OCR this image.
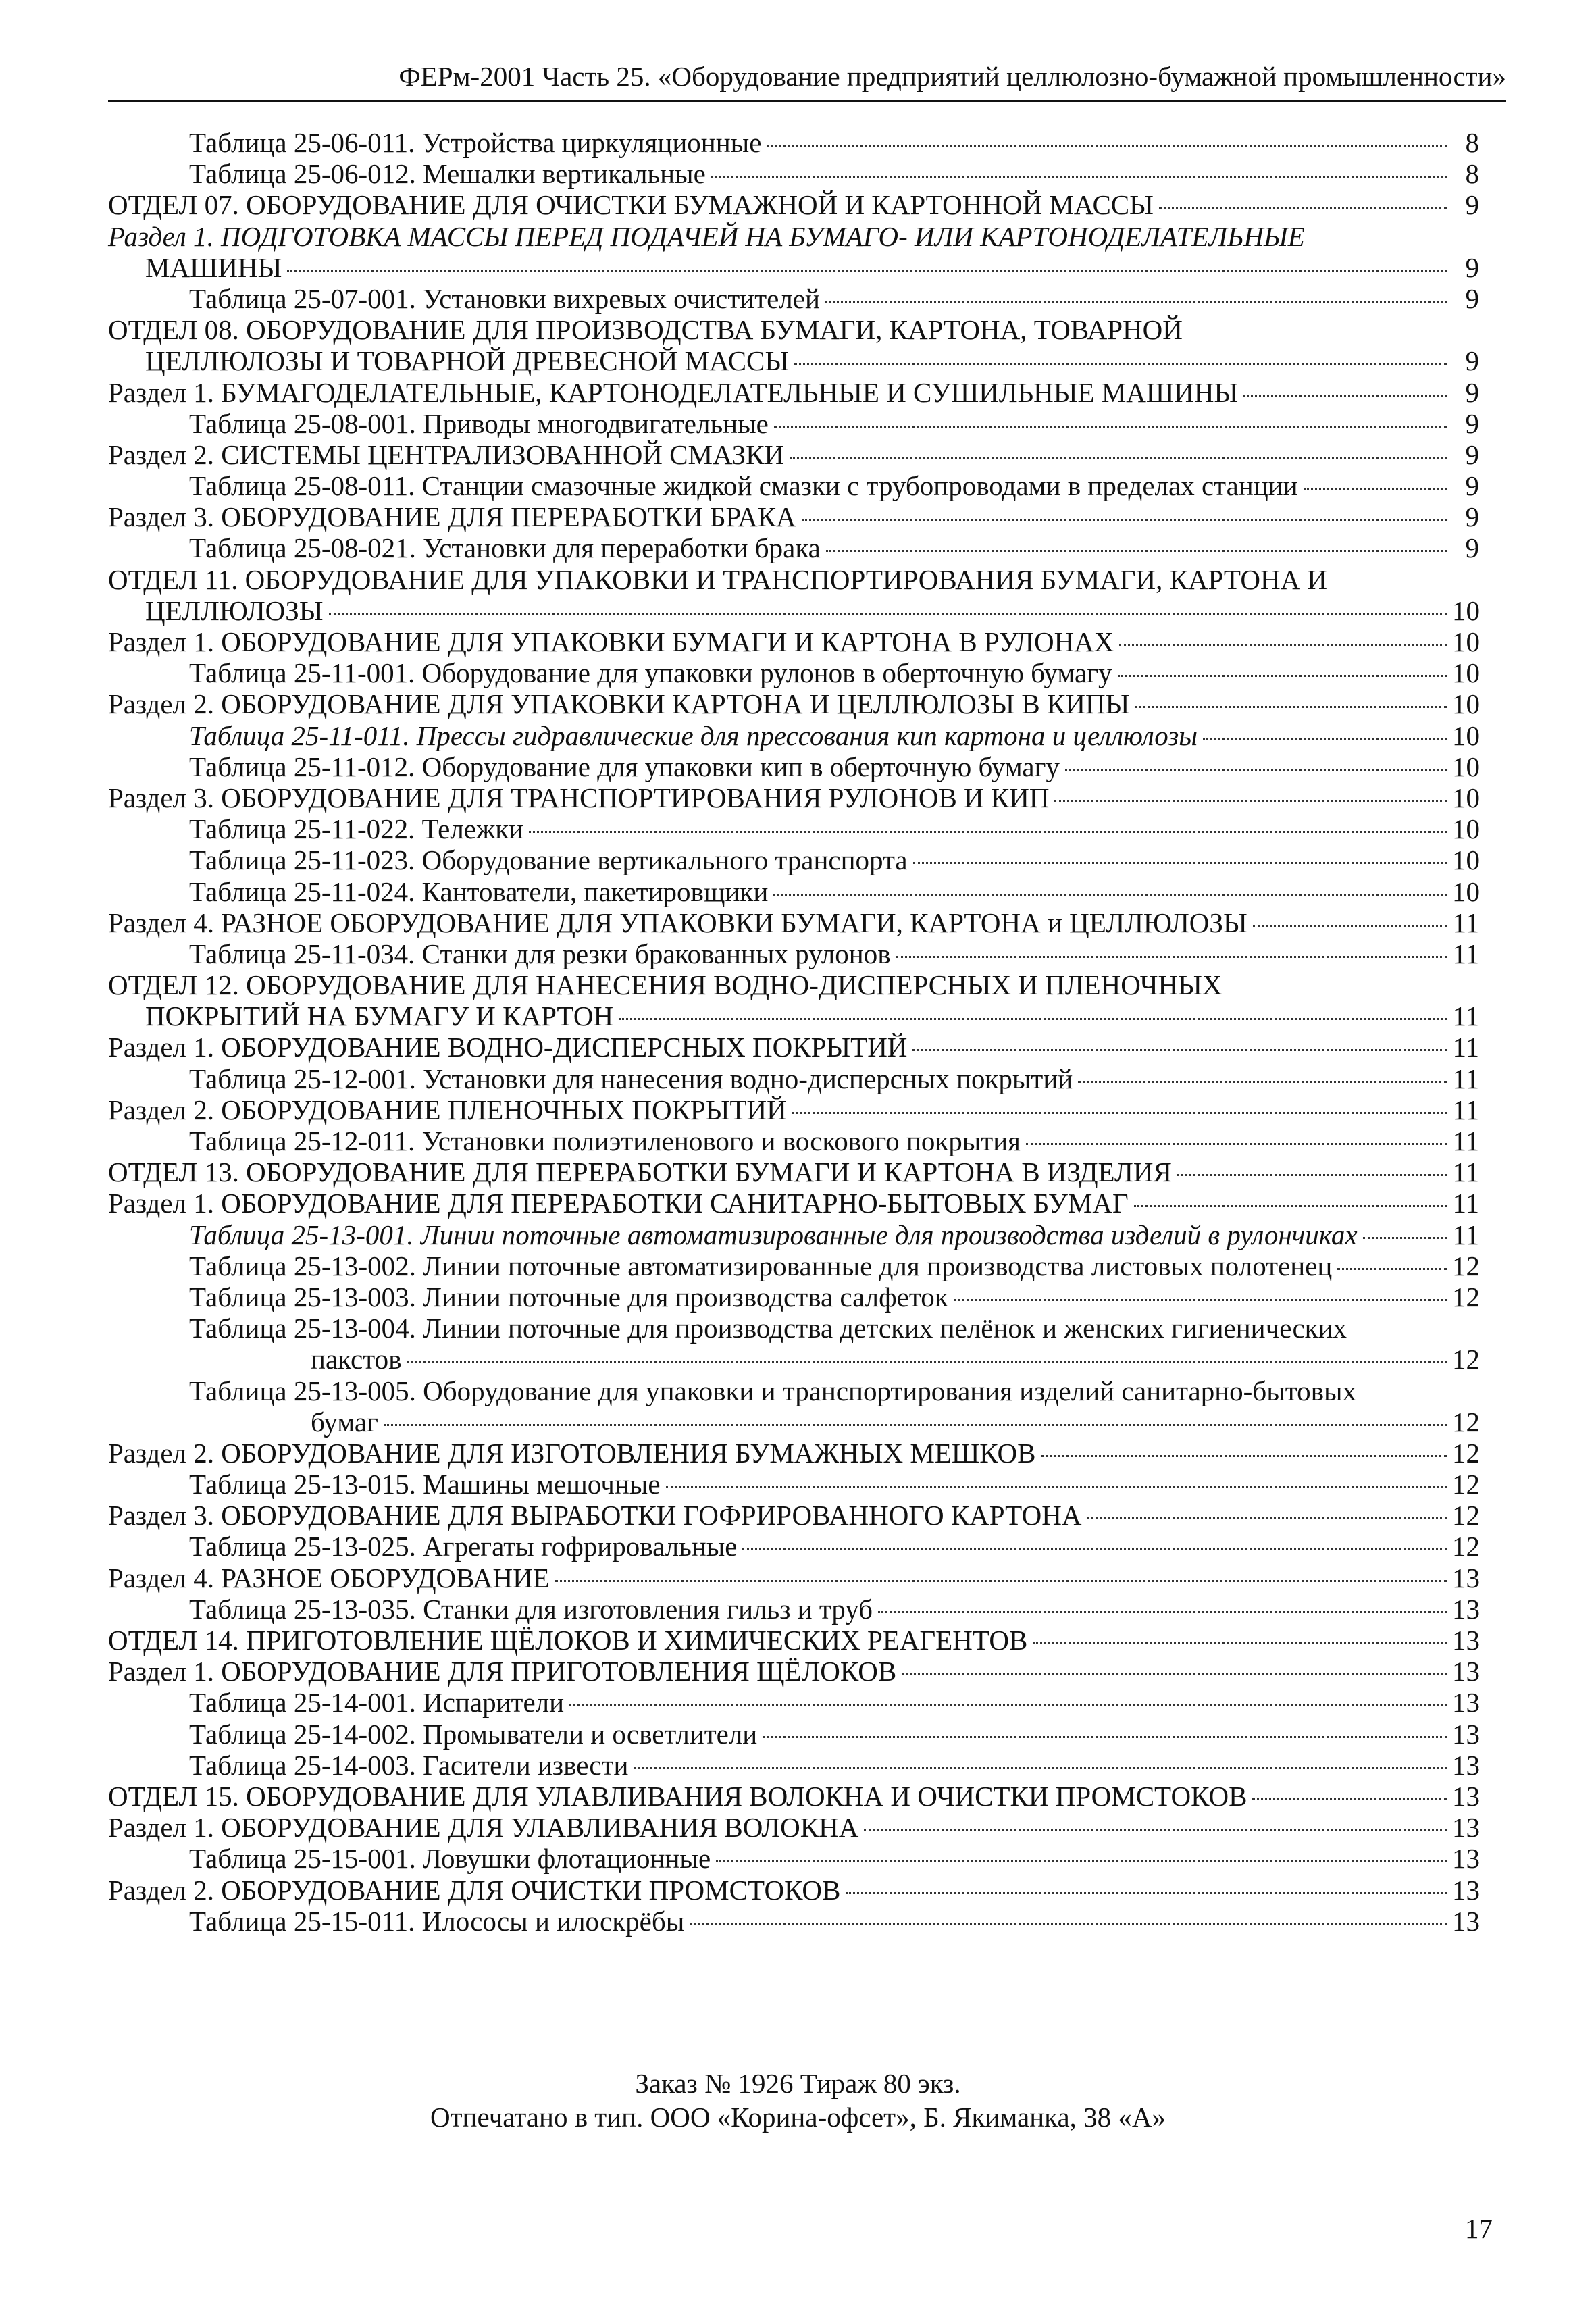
ФЕРм-2001 Часть 25. «Оборудование предприятий целлюлозно-бумажной промышленности»
Таблица 25-06-011. Устройства циркуляционные	8
Таблица 25-06-012. Мешалки вертикальные	8
ОТДЕЛ 07. ОБОРУДОВАНИЕ ДЛЯ ОЧИСТКИ БУМАЖНОЙ И КАРТОННОЙ МАССЫ	9
Раздел 1. ПОДГОТОВКА МАССЫ ПЕРЕД ПОДАЧЕЙ НА БУМАГО- ИЛИ КАРТОНОДЕЛАТЕЛЬНЫЕ
МАШИНЫ	9
Таблица 25-07-001. Установки вихревых очистителей	9
ОТДЕЛ 08. ОБОРУДОВАНИЕ ДЛЯ ПРОИЗВОДСТВА БУМАГИ, КАРТОНА, ТОВАРНОЙ
ЦЕЛЛЮЛОЗЫ И ТОВАРНОЙ ДРЕВЕСНОЙ МАССЫ	9
Раздел 1. БУМАГОДЕЛАТЕЛЬНЫЕ, КАРТОНОДЕЛАТЕЛЬНЫЕ И СУШИЛЬНЫЕ МАШИНЫ	9
Таблица 25-08-001. Приводы многодвигательные	9
Раздел 2. СИСТЕМЫ ЦЕНТРАЛИЗОВАННОЙ СМАЗКИ	9
Таблица 25-08-011. Станции смазочные жидкой смазки с трубопроводами в пределах станции	9
Раздел 3. ОБОРУДОВАНИЕ ДЛЯ ПЕРЕРАБОТКИ БРАКА	9
Таблица 25-08-021. Установки для переработки брака	9
ОТДЕЛ 11. ОБОРУДОВАНИЕ ДЛЯ УПАКОВКИ И ТРАНСПОРТИРОВАНИЯ БУМАГИ, КАРТОНА И
ЦЕЛЛЮЛОЗЫ	10
Раздел 1. ОБОРУДОВАНИЕ ДЛЯ УПАКОВКИ БУМАГИ И КАРТОНА В РУЛОНАХ	10
Таблица 25-11-001. Оборудование для упаковки рулонов в оберточную бумагу	10
Раздел 2. ОБОРУДОВАНИЕ ДЛЯ УПАКОВКИ КАРТОНА И ЦЕЛЛЮЛОЗЫ В КИПЫ	10
Таблица 25-11-011. Прессы гидравлические для прессования кип картона и целлюлозы	10
Таблица 25-11-012. Оборудование для упаковки кип в оберточную бумагу	10
Раздел 3. ОБОРУДОВАНИЕ ДЛЯ ТРАНСПОРТИРОВАНИЯ РУЛОНОВ И КИП	10
Таблица 25-11-022. Тележки	10
Таблица 25-11-023. Оборудование вертикального транспорта	10
Таблица 25-11-024. Кантователи, пакетировщики	10
Раздел 4. РАЗНОЕ ОБОРУДОВАНИЕ ДЛЯ УПАКОВКИ БУМАГИ, КАРТОНА и ЦЕЛЛЮЛОЗЫ	11
Таблица 25-11-034. Станки для резки бракованных рулонов	11
ОТДЕЛ 12. ОБОРУДОВАНИЕ ДЛЯ НАНЕСЕНИЯ ВОДНО-ДИСПЕРСНЫХ И ПЛЕНОЧНЫХ
ПОКРЫТИЙ НА БУМАГУ И КАРТОН	11
Раздел 1. ОБОРУДОВАНИЕ ВОДНО-ДИСПЕРСНЫХ ПОКРЫТИЙ	11
Таблица 25-12-001. Установки для нанесения водно-дисперсных покрытий	11
Раздел 2. ОБОРУДОВАНИЕ ПЛЕНОЧНЫХ ПОКРЫТИЙ	11
Таблица 25-12-011. Установки полиэтиленового и воскового покрытия	11
ОТДЕЛ 13. ОБОРУДОВАНИЕ ДЛЯ ПЕРЕРАБОТКИ БУМАГИ И КАРТОНА В ИЗДЕЛИЯ	11
Раздел 1. ОБОРУДОВАНИЕ ДЛЯ ПЕРЕРАБОТКИ САНИТАРНО-БЫТОВЫХ БУМАГ	11
Таблица 25-13-001. Линии поточные автоматизированные для производства изделий в рулончиках	11
Таблица 25-13-002. Линии поточные автоматизированные для производства листовых полотенец	12
Таблица 25-13-003. Линии поточные для производства салфеток	12
Таблица 25-13-004. Линии поточные для производства детских пелёнок и женских гигиенических
пакстов	12
Таблица 25-13-005. Оборудование для упаковки и транспортирования изделий санитарно-бытовых
бумаг	12
Раздел 2. ОБОРУДОВАНИЕ ДЛЯ ИЗГОТОВЛЕНИЯ БУМАЖНЫХ МЕШКОВ	12
Таблица 25-13-015. Машины мешочные	12
Раздел 3. ОБОРУДОВАНИЕ ДЛЯ ВЫРАБОТКИ ГОФРИРОВАННОГО КАРТОНА	12
Таблица 25-13-025. Агрегаты гофрировальные	12
Раздел 4. РАЗНОЕ ОБОРУДОВАНИЕ	13
Таблица 25-13-035. Станки для изготовления гильз и труб	13
ОТДЕЛ 14. ПРИГОТОВЛЕНИЕ ЩЁЛОКОВ И ХИМИЧЕСКИХ РЕАГЕНТОВ	13
Раздел 1. ОБОРУДОВАНИЕ ДЛЯ ПРИГОТОВЛЕНИЯ ЩЁЛОКОВ	13
Таблица 25-14-001. Испарители	13
Таблица 25-14-002. Промыватели и осветлители	13
Таблица 25-14-003. Гасители извести	13
ОТДЕЛ 15. ОБОРУДОВАНИЕ ДЛЯ УЛАВЛИВАНИЯ ВОЛОКНА И ОЧИСТКИ ПРОМСТОКОВ	13
Раздел 1. ОБОРУДОВАНИЕ ДЛЯ УЛАВЛИВАНИЯ ВОЛОКНА	13
Таблица 25-15-001. Ловушки флотационные	13
Раздел 2. ОБОРУДОВАНИЕ ДЛЯ ОЧИСТКИ ПРОМСТОКОВ	13
Таблица 25-15-011. Илососы и илоскрёбы	13
Заказ № 1926 Тираж 80 экз.
Отпечатано в тип. ООО «Корина-офсет», Б. Якиманка, 38 «А»
17
